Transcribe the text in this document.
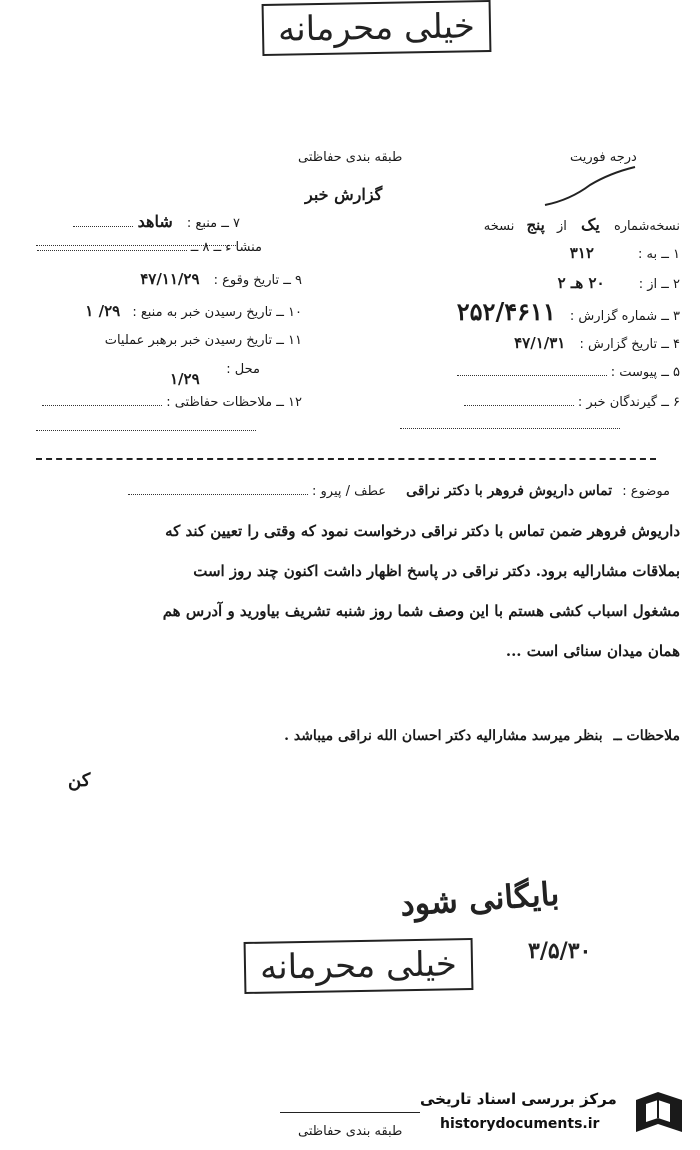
خیلی محرمانه
طبقه بندی حفاظتی	درجه فوریت
گزارش خبر
۷ ــ منبع : شاهد
منشا ء ــ ۸ ــ
۹ ــ تاریخ وقوع : ۴۷/۱۱/۲۹
۱۰ ــ تاریخ رسیدن خبر به منبع : ۲۹/ ۱
۱۱ ــ تاریخ رسیدن خبر برهبر عملیات
محل :
۱/۲۹
۱۲ ــ ملاحظات حفاظتی :
نسخه‌شماره یک از پنج نسخه
۱ ــ به : ۳۱۲
۲ ــ از : ۲۰ هـ ۲
۳ ــ شماره گزارش : ۲۵۲/۴۶۱۱
۴ ــ تاریخ گزارش : ۴۷/۱/۳۱
۵ ــ پیوست :
۶ ــ گیرندگان خبر :
موضوع : تماس داریوش فروهر با دکتر نراقی عطف / پیرو :
داریوش فروهر ضمن تماس با دکتر نراقی درخواست نمود که وقتی را تعیین کند که
بملاقات مشارالیه برود. دکتر نراقی در پاسخ اظهار داشت اکنون چند روز است
مشغول اسباب کشی هستم با این وصف شما روز شنبه تشریف بیاورید و آدرس هم
همان میدان سنائی است ...
ملاحظات ــ بنظر میرسد مشارالیه دکتر احسان الله نراقی میباشد .
کن
بایگانی شود
۳/۵/۳۰
خیلی محرمانه
طبقه بندی حفاظتی
مرکز بررسی اسناد تاریخی
historydocuments.ir
